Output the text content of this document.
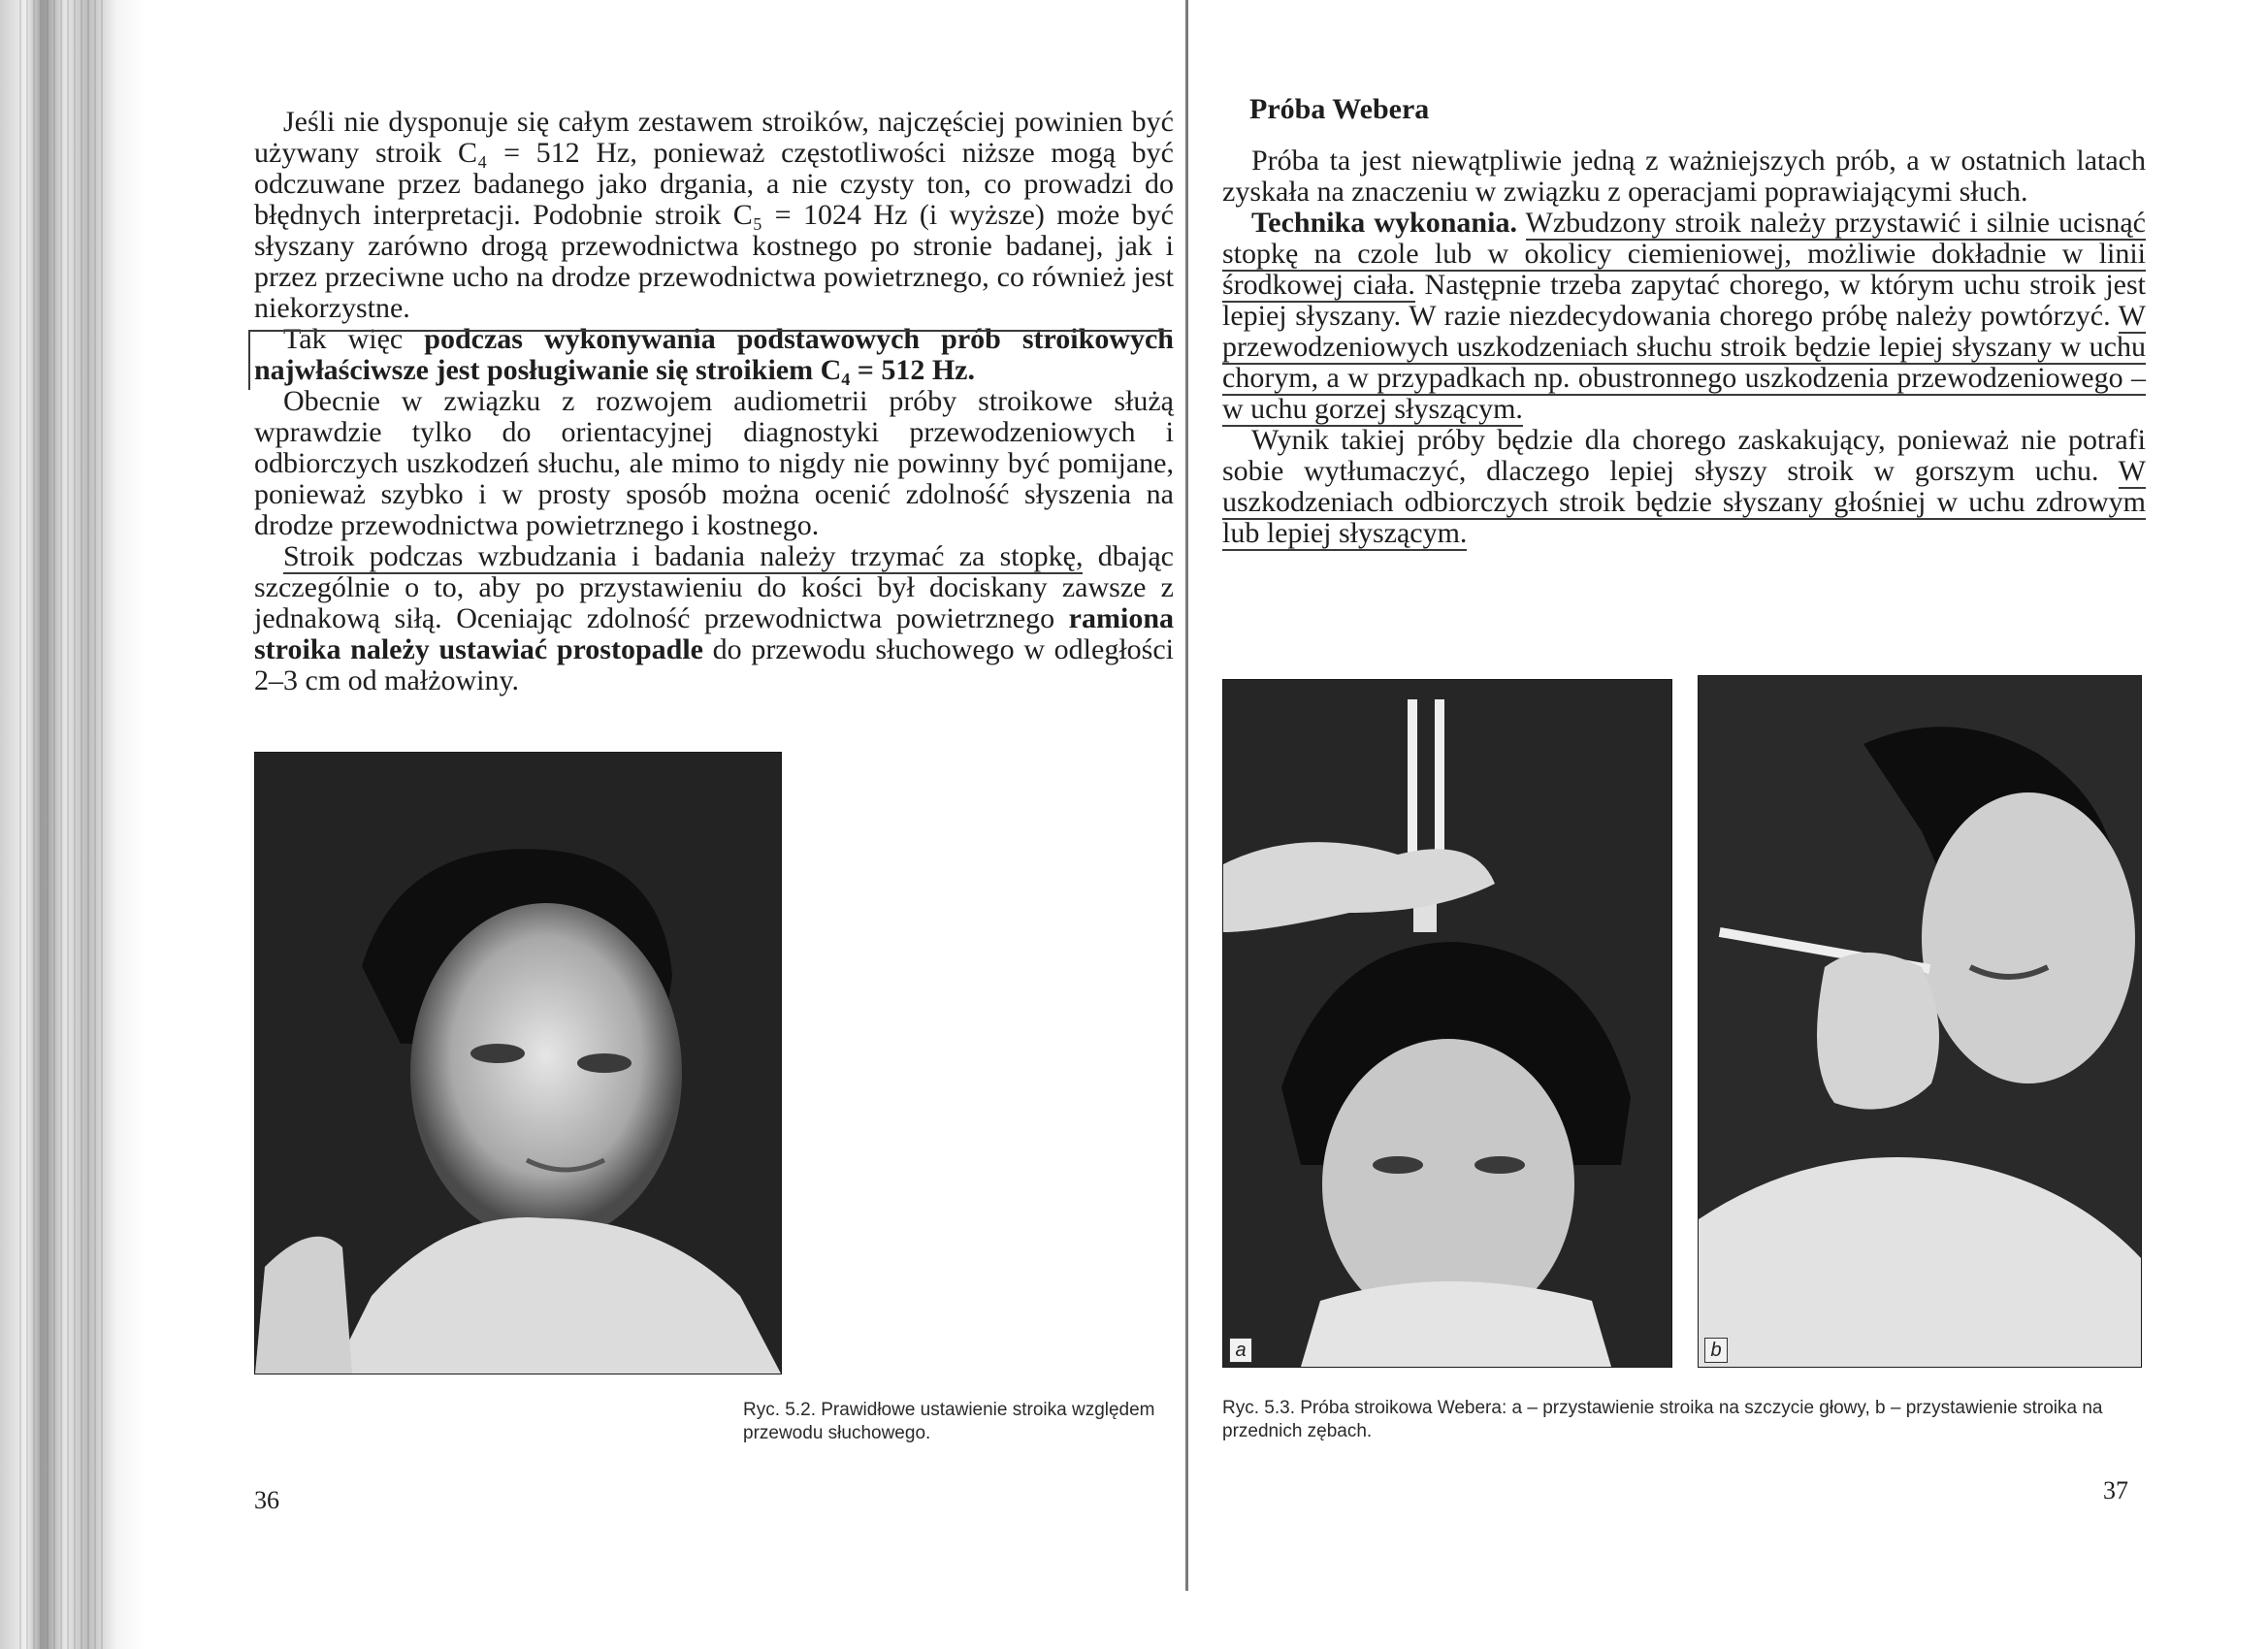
Jeśli nie dysponuje się całym zestawem stroików, najczęściej powinien być używany stroik C₄ = 512 Hz, ponieważ częstotliwości niższe mogą być odczuwane przez badanego jako drgania, a nie czysty ton, co prowadzi do błędnych interpretacji. Podobnie stroik C₅ = 1024 Hz (i wyższe) może być słyszany zarówno drogą przewodnictwa kostnego po stronie badanej, jak i przez przeciwne ucho na drodze przewodnictwa powietrznego, co również jest niekorzystne.

Tak więc podczas wykonywania podstawowych prób stroikowych najwłaściwsze jest posługiwanie się stroikiem C₄ = 512 Hz.

Obecnie w związku z rozwojem audiometrii próby stroikowe służą wprawdzie tylko do orientacyjnej diagnostyki przewodzeniowych i odbiorczych uszkodzeń słuchu, ale mimo to nigdy nie powinny być pomijane, ponieważ szybko i w prosty sposób można ocenić zdolność słyszenia na drodze przewodnictwa powietrznego i kostnego.

Stroik podczas wzbudzania i badania należy trzymać za stopkę, dbając szczególnie o to, aby po przystawieniu do kości był dociskany zawsze z jednakową siłą. Oceniając zdolność przewodnictwa powietrznego ramiona stroika należy ustawiać prostopadle do przewodu słuchowego w odległości 2–3 cm od małżowiny.

Ryc. 5.2. Prawidłowe ustawienie stroika względem przewodu słuchowego.
36
Próba Webera

Próba ta jest niewątpliwie jedną z ważniejszych prób, a w ostatnich latach zyskała na znaczeniu w związku z operacjami poprawiającymi słuch.

Technika wykonania. Wzbudzony stroik należy przystawić i silnie ucisnąć stopkę na czole lub w okolicy ciemieniowej, możliwie dokładnie w linii środkowej ciała. Następnie trzeba zapytać chorego, w którym uchu stroik jest lepiej słyszany. W razie niezdecydowania chorego próbę należy powtórzyć. W przewodzeniowych uszkodzeniach słuchu stroik będzie lepiej słyszany w uchu chorym, a w przypadkach np. obustronnego uszkodzenia przewodzeniowego – w uchu gorzej słyszącym.

Wynik takiej próby będzie dla chorego zaskakujący, ponieważ nie potrafi sobie wytłumaczyć, dlaczego lepiej słyszy stroik w gorszym uchu. W uszkodzeniach odbiorczych stroik będzie słyszany głośniej w uchu zdrowym lub lepiej słyszącym.

a	b
Ryc. 5.3. Próba stroikowa Webera: a – przystawienie stroika na szczycie głowy, b – przystawienie stroika na przednich zębach.
37
